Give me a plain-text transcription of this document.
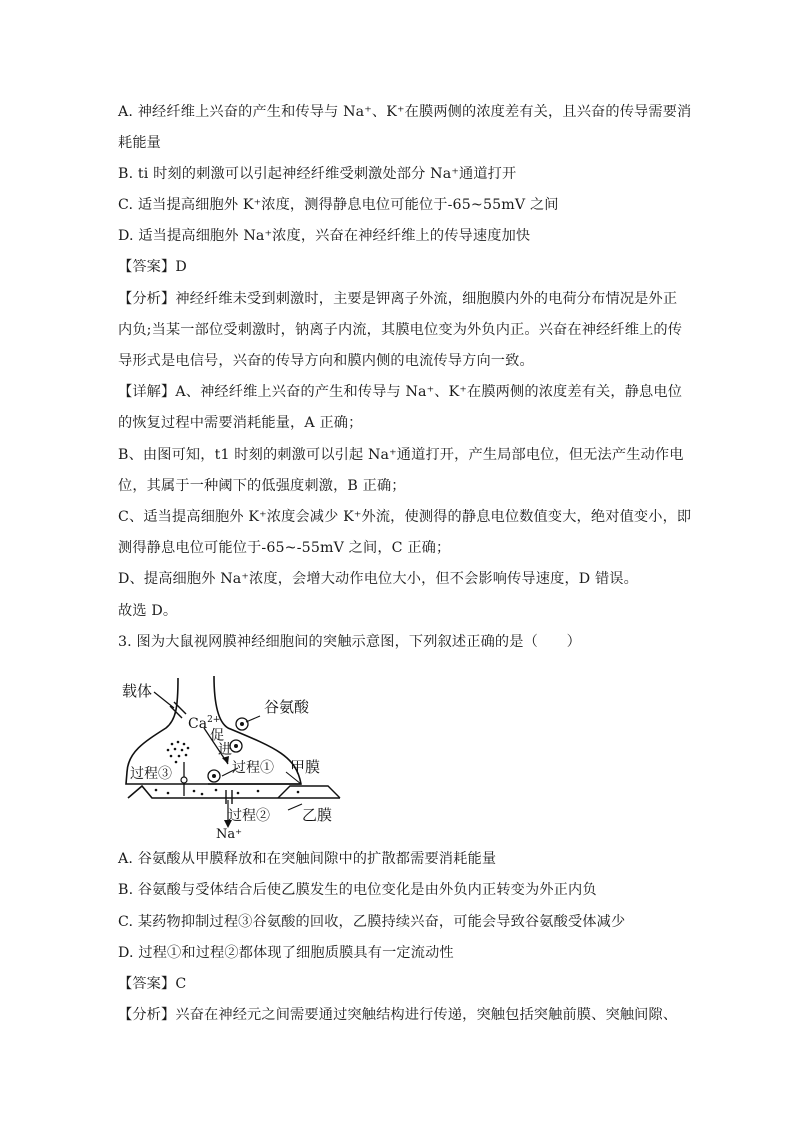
A. 神经纤维上兴奋的产生和传导与 Na⁺、K⁺在膜两侧的浓度差有关，且兴奋的传导需要消
耗能量
B. ti 时刻的刺激可以引起神经纤维受刺激处部分 Na⁺通道打开
C. 适当提高细胞外 K⁺浓度，测得静息电位可能位于-65~55mV 之间
D. 适当提高细胞外 Na⁺浓度，兴奋在神经纤维上的传导速度加快
【答案】D
【分析】神经纤维未受到刺激时，主要是钾离子外流，细胞膜内外的电荷分布情况是外正
内负;当某一部位受刺激时，钠离子内流，其膜电位变为外负内正。兴奋在神经纤维上的传
导形式是电信号，兴奋的传导方向和膜内侧的电流传导方向一致。
【详解】A、神经纤维上兴奋的产生和传导与 Na⁺、K⁺在膜两侧的浓度差有关，静息电位
的恢复过程中需要消耗能量，A 正确；
B、由图可知，t1 时刻的刺激可以引起 Na⁺通道打开，产生局部电位，但无法产生动作电
位，其属于一种阈下的低强度刺激，B 正确；
C、适当提高细胞外 K⁺浓度会减少 K⁺外流，使测得的静息电位数值变大，绝对值变小，即
测得静息电位可能位于-65~-55mV 之间，C 正确；
D、提高细胞外 Na⁺浓度，会增大动作电位大小，但不会影响传导速度，D 错误。
故选 D。
3. 图为大鼠视网膜神经细胞间的突触示意图，下列叙述正确的是（　　）
载体
$Ca^{2+}$
促
进
谷氨酸
过程① 甲膜
过程③
过程② 乙膜
Na⁺
A. 谷氨酸从甲膜释放和在突触间隙中的扩散都需要消耗能量
B. 谷氨酸与受体结合后使乙膜发生的电位变化是由外负内正转变为外正内负
C. 某药物抑制过程③谷氨酸的回收，乙膜持续兴奋，可能会导致谷氨酸受体减少
D. 过程①和过程②都体现了细胞质膜具有一定流动性
【答案】C
【分析】兴奋在神经元之间需要通过突触结构进行传递，突触包括突触前膜、突触间隙、
